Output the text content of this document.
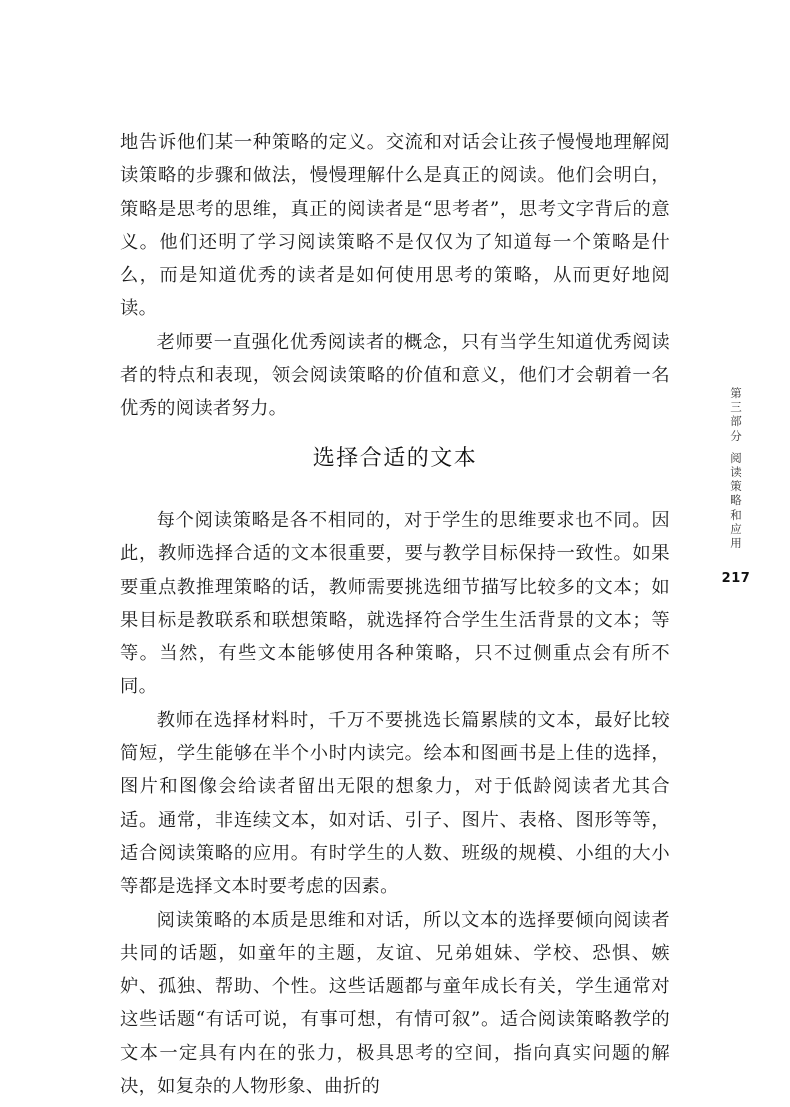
地告诉他们某一种策略的定义。交流和对话会让孩子慢慢地理解阅读策略的步骤和做法，慢慢理解什么是真正的阅读。他们会明白，策略是思考的思维，真正的阅读者是“思考者”，思考文字背后的意义。他们还明了学习阅读策略不是仅仅为了知道每一个策略是什么，而是知道优秀的读者是如何使用思考的策略，从而更好地阅读。

老师要一直强化优秀阅读者的概念，只有当学生知道优秀阅读者的特点和表现，领会阅读策略的价值和意义，他们才会朝着一名优秀的阅读者努力。

选择合适的文本

每个阅读策略是各不相同的，对于学生的思维要求也不同。因此，教师选择合适的文本很重要，要与教学目标保持一致性。如果要重点教推理策略的话，教师需要挑选细节描写比较多的文本；如果目标是教联系和联想策略，就选择符合学生生活背景的文本；等等。当然，有些文本能够使用各种策略，只不过侧重点会有所不同。

教师在选择材料时，千万不要挑选长篇累牍的文本，最好比较简短，学生能够在半个小时内读完。绘本和图画书是上佳的选择，图片和图像会给读者留出无限的想象力，对于低龄阅读者尤其合适。通常，非连续文本，如对话、引子、图片、表格、图形等等，适合阅读策略的应用。有时学生的人数、班级的规模、小组的大小等都是选择文本时要考虑的因素。

阅读策略的本质是思维和对话，所以文本的选择要倾向阅读者共同的话题，如童年的主题，友谊、兄弟姐妹、学校、恐惧、嫉妒、孤独、帮助、个性。这些话题都与童年成长有关，学生通常对这些话题“有话可说，有事可想，有情可叙”。适合阅读策略教学的文本一定具有内在的张力，极具思考的空间，指向真实问题的解决，如复杂的人物形象、曲折的

第三部分
阅读策略和应用
217
